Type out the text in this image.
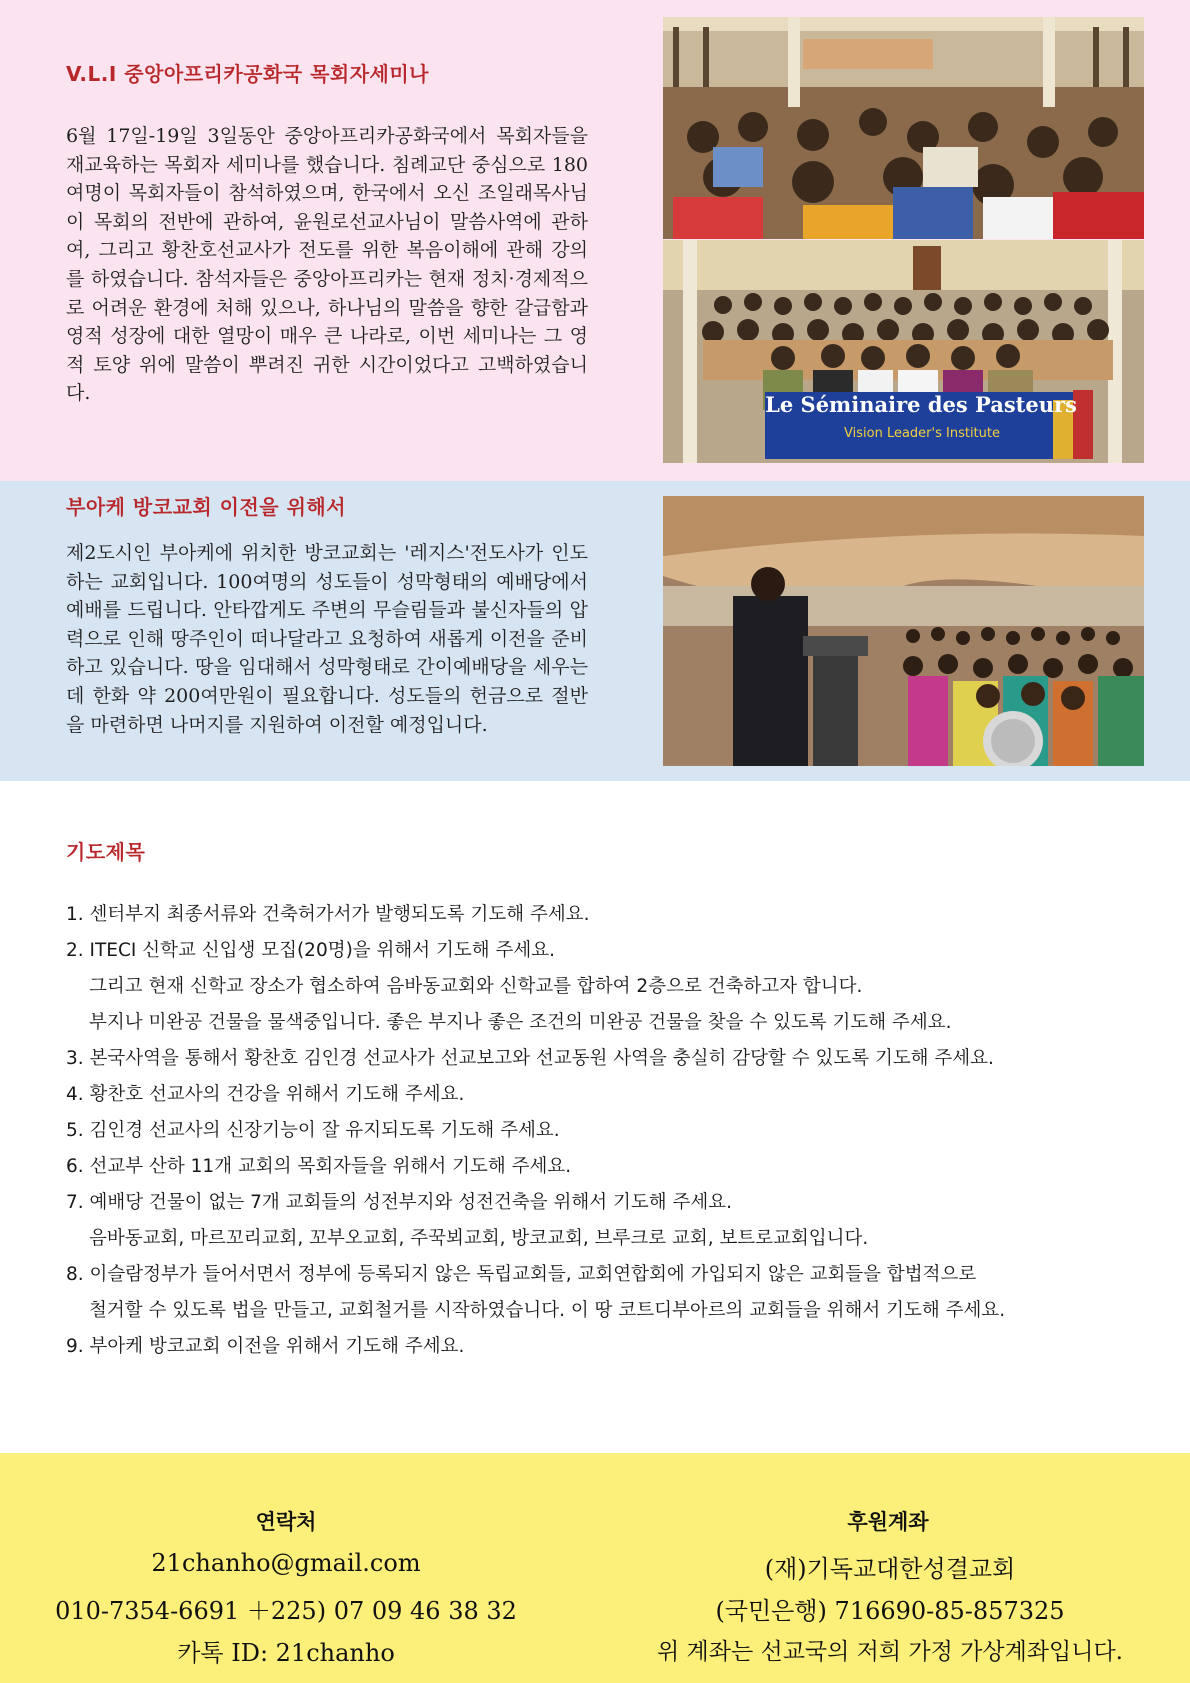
V.L.I 중앙아프리카공화국 목회자세미나

6월 17일-19일 3일동안 중앙아프리카공화국에서 목회자들을 재교육하는 목회자 세미나를 했습니다. 침례교단 중심으로 180여명이 목회자들이 참석하였으며, 한국에서 오신 조일래목사님이 목회의 전반에 관하여, 윤원로선교사님이 말씀사역에 관하여, 그리고 황찬호선교사가 전도를 위한 복음이해에 관해 강의를 하였습니다. 참석자들은 중앙아프리카는 현재 정치·경제적으로 어려운 환경에 처해 있으나, 하나님의 말씀을 향한 갈급함과 영적 성장에 대한 열망이 매우 큰 나라로, 이번 세미나는 그 영적 토양 위에 말씀이 뿌려진 귀한 시간이었다고 고백하였습니다.	Le Séminaire des Pasteurs
Vision Leader's Institute
부아케 방코교회 이전을 위해서

제2도시인 부아케에 위치한 방코교회는 '레지스'전도사가 인도하는 교회입니다. 100여명의 성도들이 성막형태의 예배당에서 예배를 드립니다. 안타깝게도 주변의 무슬림들과 불신자들의 압력으로 인해 땅주인이 떠나달라고 요청하여 새롭게 이전을 준비하고 있습니다. 땅을 임대해서 성막형태로 간이예배당을 세우는 데 한화 약 200여만원이 필요합니다. 성도들의 헌금으로 절반을 마련하면 나머지를 지원하여 이전할 예정입니다.

기도제목
1. 센터부지 최종서류와 건축허가서가 발행되도록 기도해 주세요.
2. ITECI 신학교 신입생 모집(20명)을 위해서 기도해 주세요.
그리고 현재 신학교 장소가 협소하여 음바동교회와 신학교를 합하여 2층으로 건축하고자 합니다.
부지나 미완공 건물을 물색중입니다. 좋은 부지나 좋은 조건의 미완공 건물을 찾을 수 있도록 기도해 주세요.
3. 본국사역을 통해서 황찬호 김인경 선교사가 선교보고와 선교동원 사역을 충실히 감당할 수 있도록 기도해 주세요.
4. 황찬호 선교사의 건강을 위해서 기도해 주세요.
5. 김인경 선교사의 신장기능이 잘 유지되도록 기도해 주세요.
6. 선교부 산하 11개 교회의 목회자들을 위해서 기도해 주세요.
7. 예배당 건물이 없는 7개 교회들의 성전부지와 성전건축을 위해서 기도해 주세요.
음바동교회, 마르꼬리교회, 꼬부오교회, 주꾹뵈교회, 방코교회, 브루크로 교회, 보트로교회입니다.
8. 이슬람정부가 들어서면서 정부에 등록되지 않은 독립교회들, 교회연합회에 가입되지 않은 교회들을 합법적으로
철거할 수 있도록 법을 만들고, 교회철거를 시작하였습니다. 이 땅 코트디부아르의 교회들을 위해서 기도해 주세요.
9. 부아케 방코교회 이전을 위해서 기도해 주세요.
연락처
21chanho@gmail.com
010-7354-6691 ＋225) 07 09 46 38 32
카톡 ID: 21chanho
후원계좌
(재)기독교대한성결교회
(국민은행) 716690-85-857325
위 계좌는 선교국의 저희 가정 가상계좌입니다.
